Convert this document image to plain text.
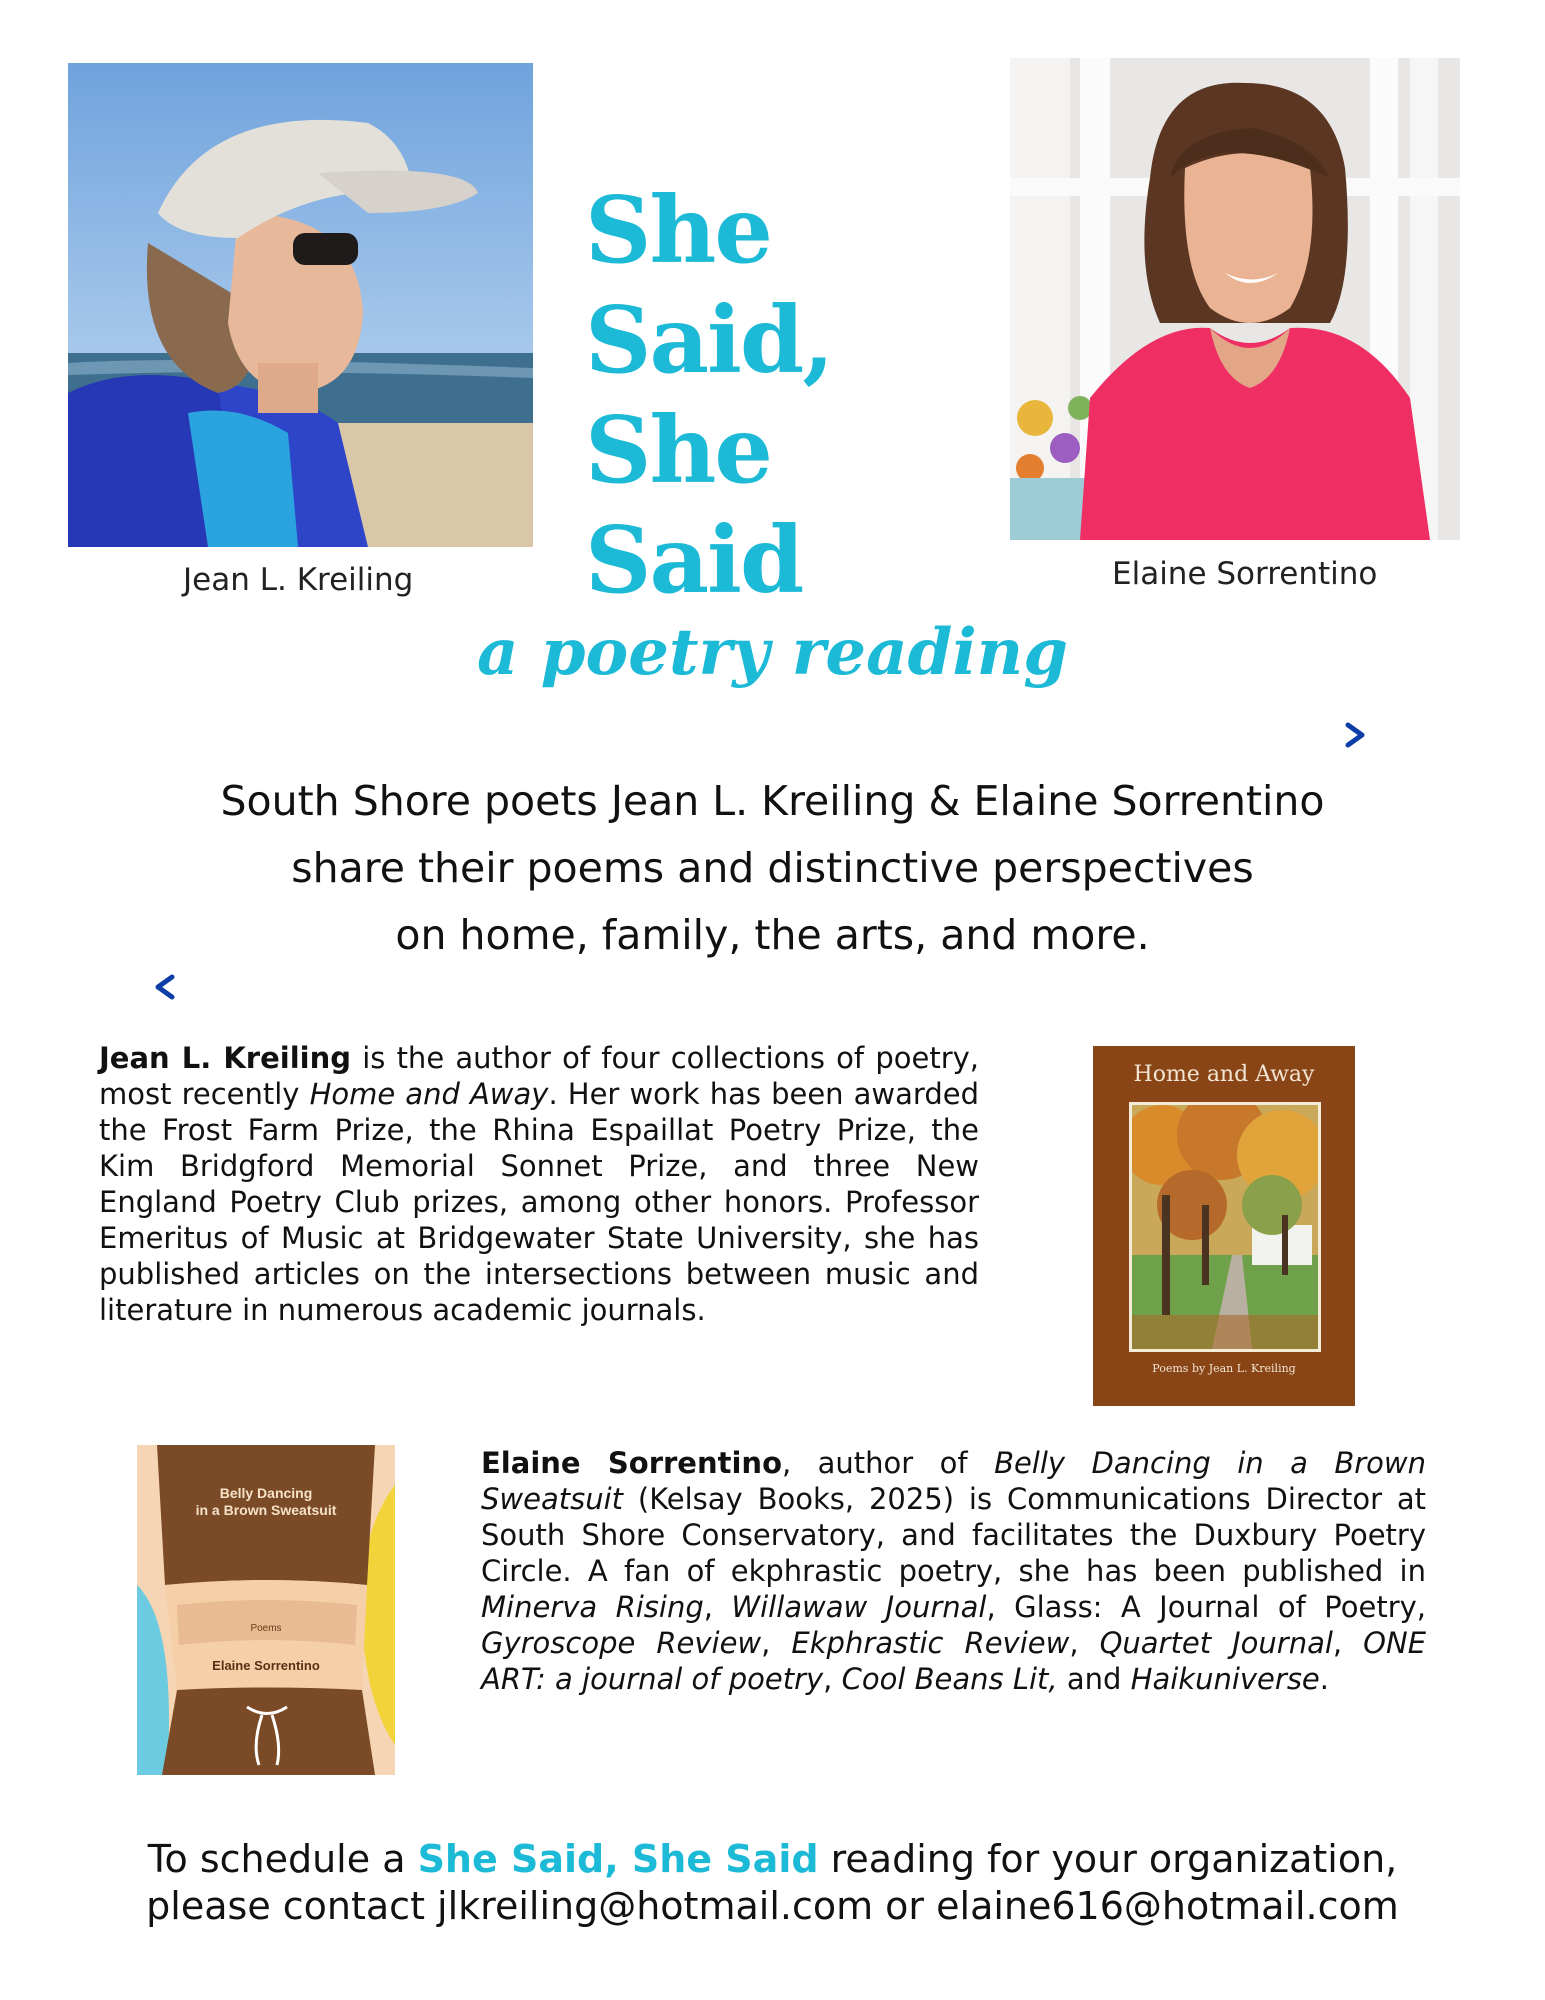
Jean L. Kreiling
She Said,
She Said	Elaine Sorrentino
a poetry reading
South Shore poets Jean L. Kreiling & Elaine Sorrentino
share their poems and distinctive perspectives
on home, family, the arts, and more.
Jean L. Kreiling is the author of four collections of poetry, most recently Home and Away. Her work has been awarded the Frost Farm Prize, the Rhina Espaillat Poetry Prize, the Kim Bridgford Memorial Sonnet Prize, and three New England Poetry Club prizes, among other honors. Professor Emeritus of Music at Bridgewater State University, she has published articles on the intersections between music and literature in numerous academic journals.
Home and Away
Poems by Jean L. Kreiling
Belly Dancing
in a Brown Sweatsuit
Poems
Elaine Sorrentino
Elaine Sorrentino, author of Belly Dancing in a Brown Sweatsuit (Kelsay Books, 2025) is Communications Director at South Shore Conservatory, and facilitates the Duxbury Poetry Circle. A fan of ekphrastic poetry, she has been published in Minerva Rising, Willawaw Journal, Glass: A Journal of Poetry, Gyroscope Review, Ekphrastic Review, Quartet Journal, ONE ART: a journal of poetry, Cool Beans Lit, and Haikuniverse.
To schedule a She Said, She Said reading for your organization,
please contact jlkreiling@hotmail.com or elaine616@hotmail.com
